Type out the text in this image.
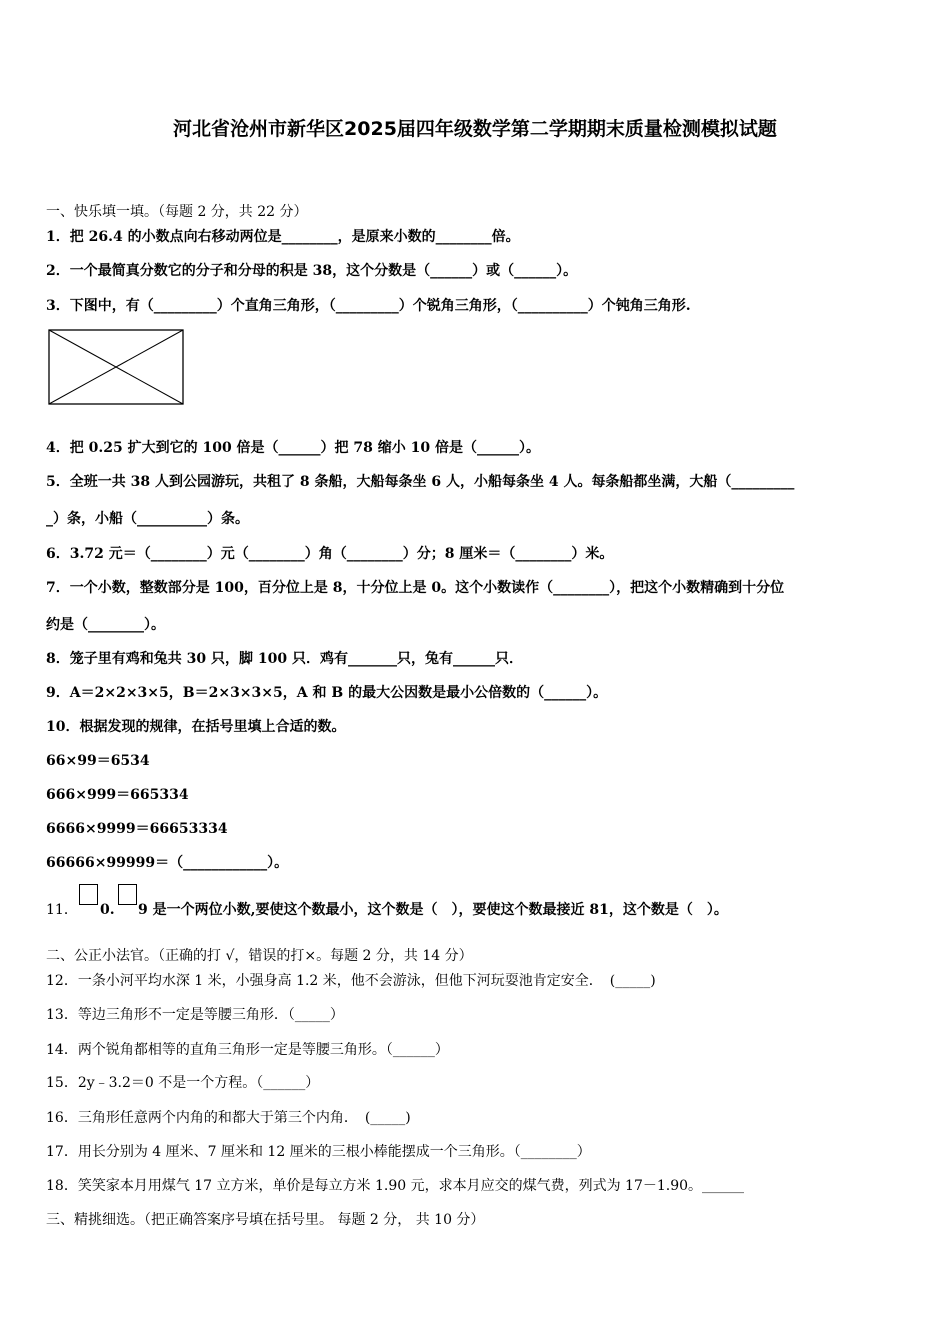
河北省沧州市新华区2025届四年级数学第二学期期末质量检测模拟试题
一、快乐填一填。（每题 2 分，共 22 分）
1．把 26.4 的小数点向右移动两位是________，是原来小数的________倍。
2．一个最简真分数它的分子和分母的积是 38，这个分数是（______）或（______）。
3．下图中，有（_________）个直角三角形，（_________）个锐角三角形，（__________）个钝角三角形.
4．把 0.25 扩大到它的 100 倍是（______）把 78 缩小 10 倍是（______）。
5．全班一共 38 人到公园游玩，共租了 8 条船，大船每条坐 6 人，小船每条坐 4 人。每条船都坐满，大船（_________
_）条，小船（__________）条。
6．3.72 元＝（________）元（________）角（________）分；8 厘米＝（________）米。
7．一个小数，整数部分是 100，百分位上是 8，十分位上是 0。这个小数读作（________），把这个小数精确到十分位
约是（________）。
8．笼子里有鸡和兔共 30 只，脚 100 只．鸡有_______只，兔有______只．
9．A＝2×2×3×5，B＝2×3×3×5，A 和 B 的最大公因数是最小公倍数的（______）。
10．根据发现的规律，在括号里填上合适的数。
66×99＝6534
666×999＝665334
6666×9999＝66653334
66666×99999＝（____________）。
11． 0. 9 是一个两位小数,要使这个数最小，这个数是（　），要使这个数最接近 81，这个数是（　）。
二、公正小法官。（正确的打 √，错误的打×。每题 2 分，共 14 分）
12．一条小河平均水深 1 米，小强身高 1.2 米，他不会游泳，但他下河玩耍池肯定安全．　(_____)
13．等边三角形不一定是等腰三角形．（_____）
14．两个锐角都相等的直角三角形一定是等腰三角形。（______）
15．2y﹣3.2＝0 不是一个方程。（______）
16．三角形任意两个内角的和都大于第三个内角．　(_____)
17．用长分别为 4 厘米、7 厘米和 12 厘米的三根小棒能摆成一个三角形。（________）
18．笑笑家本月用煤气 17 立方米，单价是每立方米 1.90 元，求本月应交的煤气费，列式为 17－1.90。______
三、精挑细选。（把正确答案序号填在括号里。 每题 2 分， 共 10 分）
